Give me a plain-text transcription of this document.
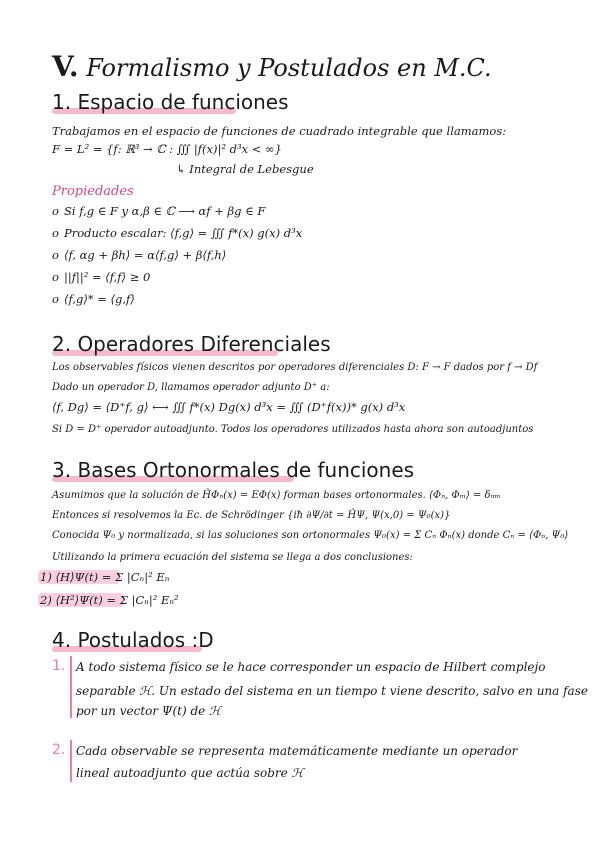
V. Formalismo y Postulados en M.C.
1. Espacio de funciones
Trabajamos en el espacio de funciones de cuadrado integrable que llamamos:
F = L² = {f: ℝ³ → ℂ : ∭ |f(x)|² d³x < ∞}
↳ Integral de Lebesgue
Propiedades
o Si f,g ∈ F y α,β ∈ ℂ ⟶ αf + βg ∈ F
o Producto escalar: ⟨f,g⟩ = ∭ f*(x) g(x) d³x
o ⟨f, αg + βh⟩ = α⟨f,g⟩ + β⟨f,h⟩
o ||f||² = ⟨f,f⟩ ≥ 0
o ⟨f,g⟩* = ⟨g,f⟩
2. Operadores Diferenciales
Los observables físicos vienen descritos por operadores diferenciales D: F → F dados por f → Df
Dado un operador D, llamamos operador adjunto D⁺ a:
⟨f, Dg⟩ = ⟨D⁺f, g⟩ ⟷ ∭ f*(x) Dg(x) d³x = ∭ (D⁺f(x))* g(x) d³x
Si D = D⁺ operador autoadjunto. Todos los operadores utilizados hasta ahora son autoadjuntos
3. Bases Ortonormales de funciones
Asumimos que la solución de ĤΦₙ(x) = EΦ(x) forman bases ortonormales. ⟨Φₙ, Φₘ⟩ = δₙₘ
Entonces si resolvemos la Ec. de Schrödinger {iħ ∂Ψ/∂t = ĤΨ, Ψ(x,0) = Ψ₀(x)}
Conocida Ψ₀ y normalizada, si las soluciones son ortonormales Ψ₀(x) = Σ Cₙ Φₙ(x) donde Cₙ = ⟨Φₙ, Ψ₀⟩
Utilizando la primera ecuación del sistema se llega a dos conclusiones:
1) ⟨H⟩Ψ(t) = Σ |Cₙ|² Eₙ
2) ⟨H²⟩Ψ(t) = Σ |Cₙ|² Eₙ²
4. Postulados :D
1. A todo sistema físico se le hace corresponder un espacio de Hilbert complejo
separable ℋ. Un estado del sistema en un tiempo t viene descrito, salvo en una fase
por un vector Ψ(t) de ℋ
2. Cada observable se representa matemáticamente mediante un operador
lineal autoadjunto que actúa sobre ℋ
